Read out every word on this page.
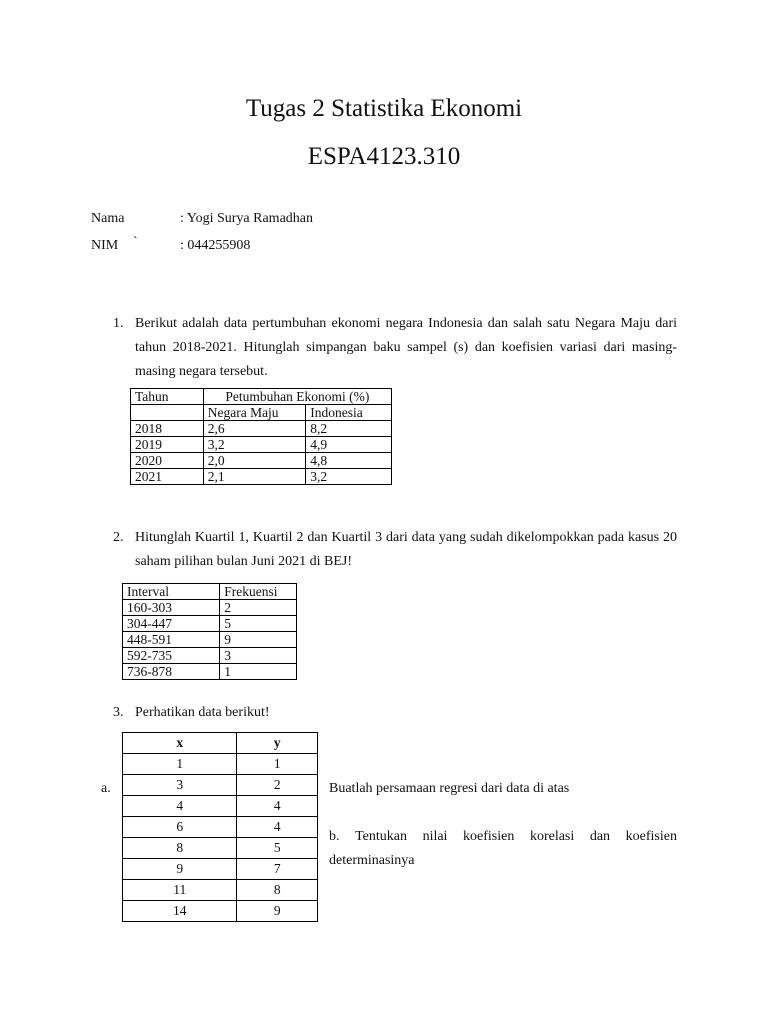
Tugas 2 Statistika Ekonomi
ESPA4123.310
Nama	: Yogi Surya Ramadhan
NIM `	: 044255908
1. Berikut adalah data pertumbuhan ekonomi negara Indonesia dan salah satu Negara Maju dari tahun 2018-2021. Hitunglah simpangan baku sampel (s) dan koefisien variasi dari masing-masing negara tersebut.
Tahun	Petumbuhan Ekonomi (%)	
	Negara Maju	Indonesia
2018	2,6	8,2
2019	3,2	4,9
2020	2,0	4,8
2021	2,1	3,2
2. Hitunglah Kuartil 1, Kuartil 2 dan Kuartil 3 dari data yang sudah dikelompokkan pada kasus 20 saham pilihan bulan Juni 2021 di BEJ!
Interval	Frekuensi
160-303	2
304-447	5
448-591	9
592-735	3
736-878	1
3. Perhatikan data berikut!
x	y
1	1
3	2
4	4
6	4
8	5
9	7
11	8
14	9
a.	Buatlah persamaan regresi dari data di atas
b. Tentukan nilai koefisien korelasi dan koefisien
determinasinya
